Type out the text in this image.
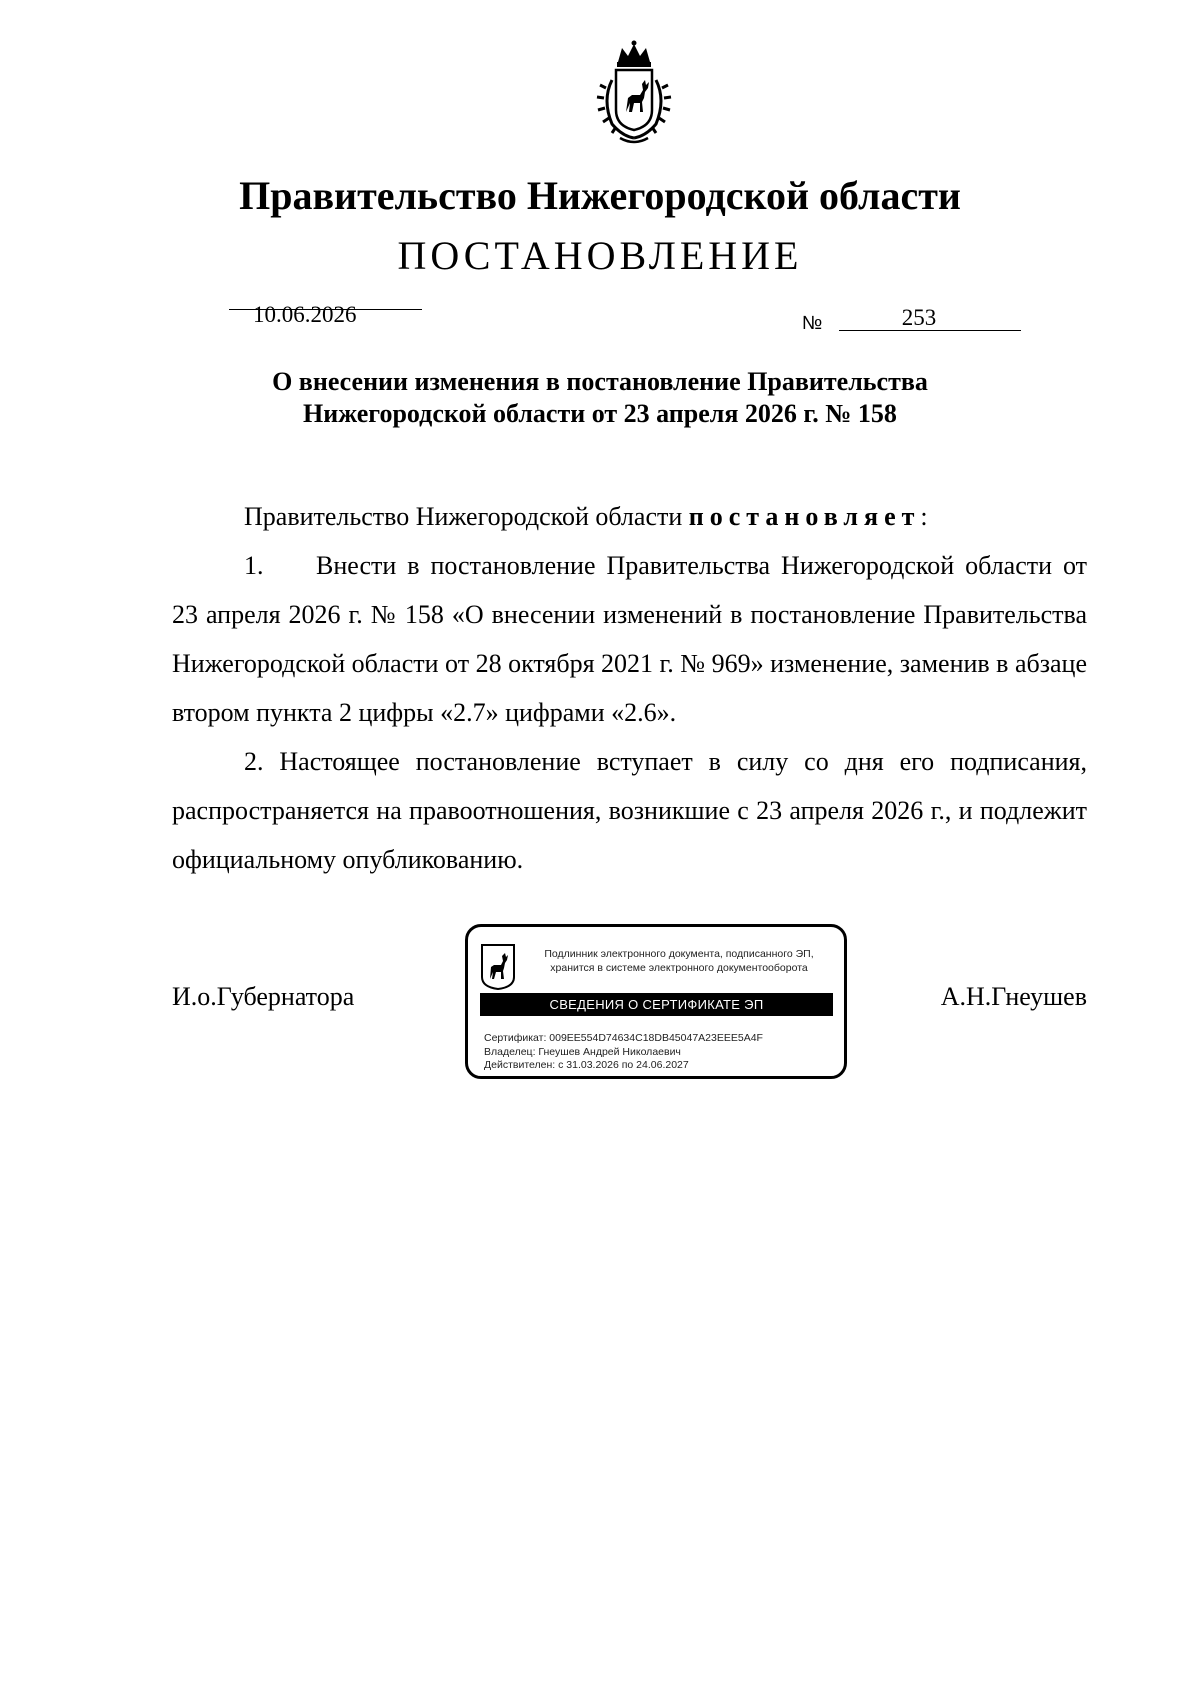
Правительство Нижегородской области
ПОСТАНОВЛЕНИЕ
10.06.2026	№	253
О внесении изменения в постановление Правительства
Нижегородской области от 23 апреля 2026 г. № 158

Правительство Нижегородской области постановляет:

1. Внести в постановление Правительства Нижегородской области от 23 апреля 2026 г. № 158 «О внесении изменений в постановление Правительства Нижегородской области от 28 октября 2021 г. № 969» изменение, заменив в абзаце втором пункта 2 цифры «2.7» цифрами «2.6».

2. Настоящее постановление вступает в силу со дня его подписания, распространяется на правоотношения, возникшие с 23 апреля 2026 г., и подлежит официальному опубликованию.

И.о.Губернатора	А.Н.Гнеушев
Подлинник электронного документа, подписанного ЭП,
хранится в системе электронного документооборота
СВЕДЕНИЯ О СЕРТИФИКАТЕ ЭП
Сертификат: 009EE554D74634C18DB45047A23EEE5A4F
Владелец: Гнеушев Андрей Николаевич
Действителен: с 31.03.2026 по 24.06.2027
